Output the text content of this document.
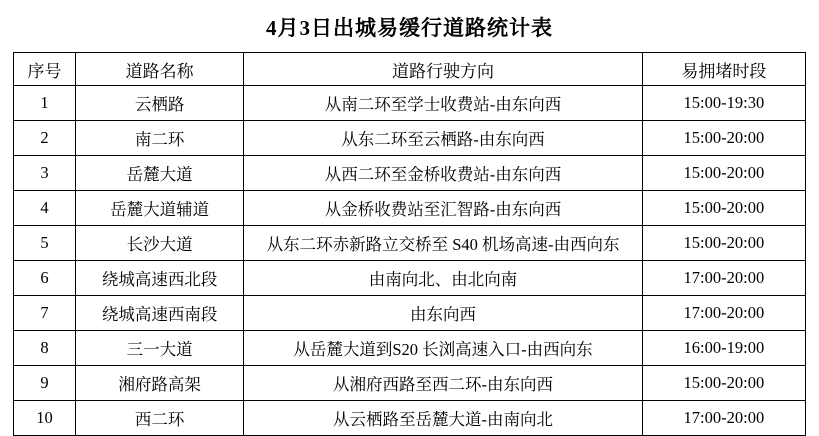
4月3日出城易缓行道路统计表
序号	道路名称	道路行驶方向	易拥堵时段
1	云栖路	从南二环至学士收费站-由东向西	15:00-19:30
2	南二环	从东二环至云栖路-由东向西	15:00-20:00
3	岳麓大道	从西二环至金桥收费站-由东向西	15:00-20:00
4	岳麓大道辅道	从金桥收费站至汇智路-由东向西	15:00-20:00
5	长沙大道	从东二环赤新路立交桥至 S40 机场高速-由西向东	15:00-20:00
6	绕城高速西北段	由南向北、由北向南	17:00-20:00
7	绕城高速西南段	由东向西	17:00-20:00
8	三一大道	从岳麓大道到S20 长浏高速入口-由西向东	16:00-19:00
9	湘府路高架	从湘府西路至西二环-由东向西	15:00-20:00
10	西二环	从云栖路至岳麓大道-由南向北	17:00-20:00
